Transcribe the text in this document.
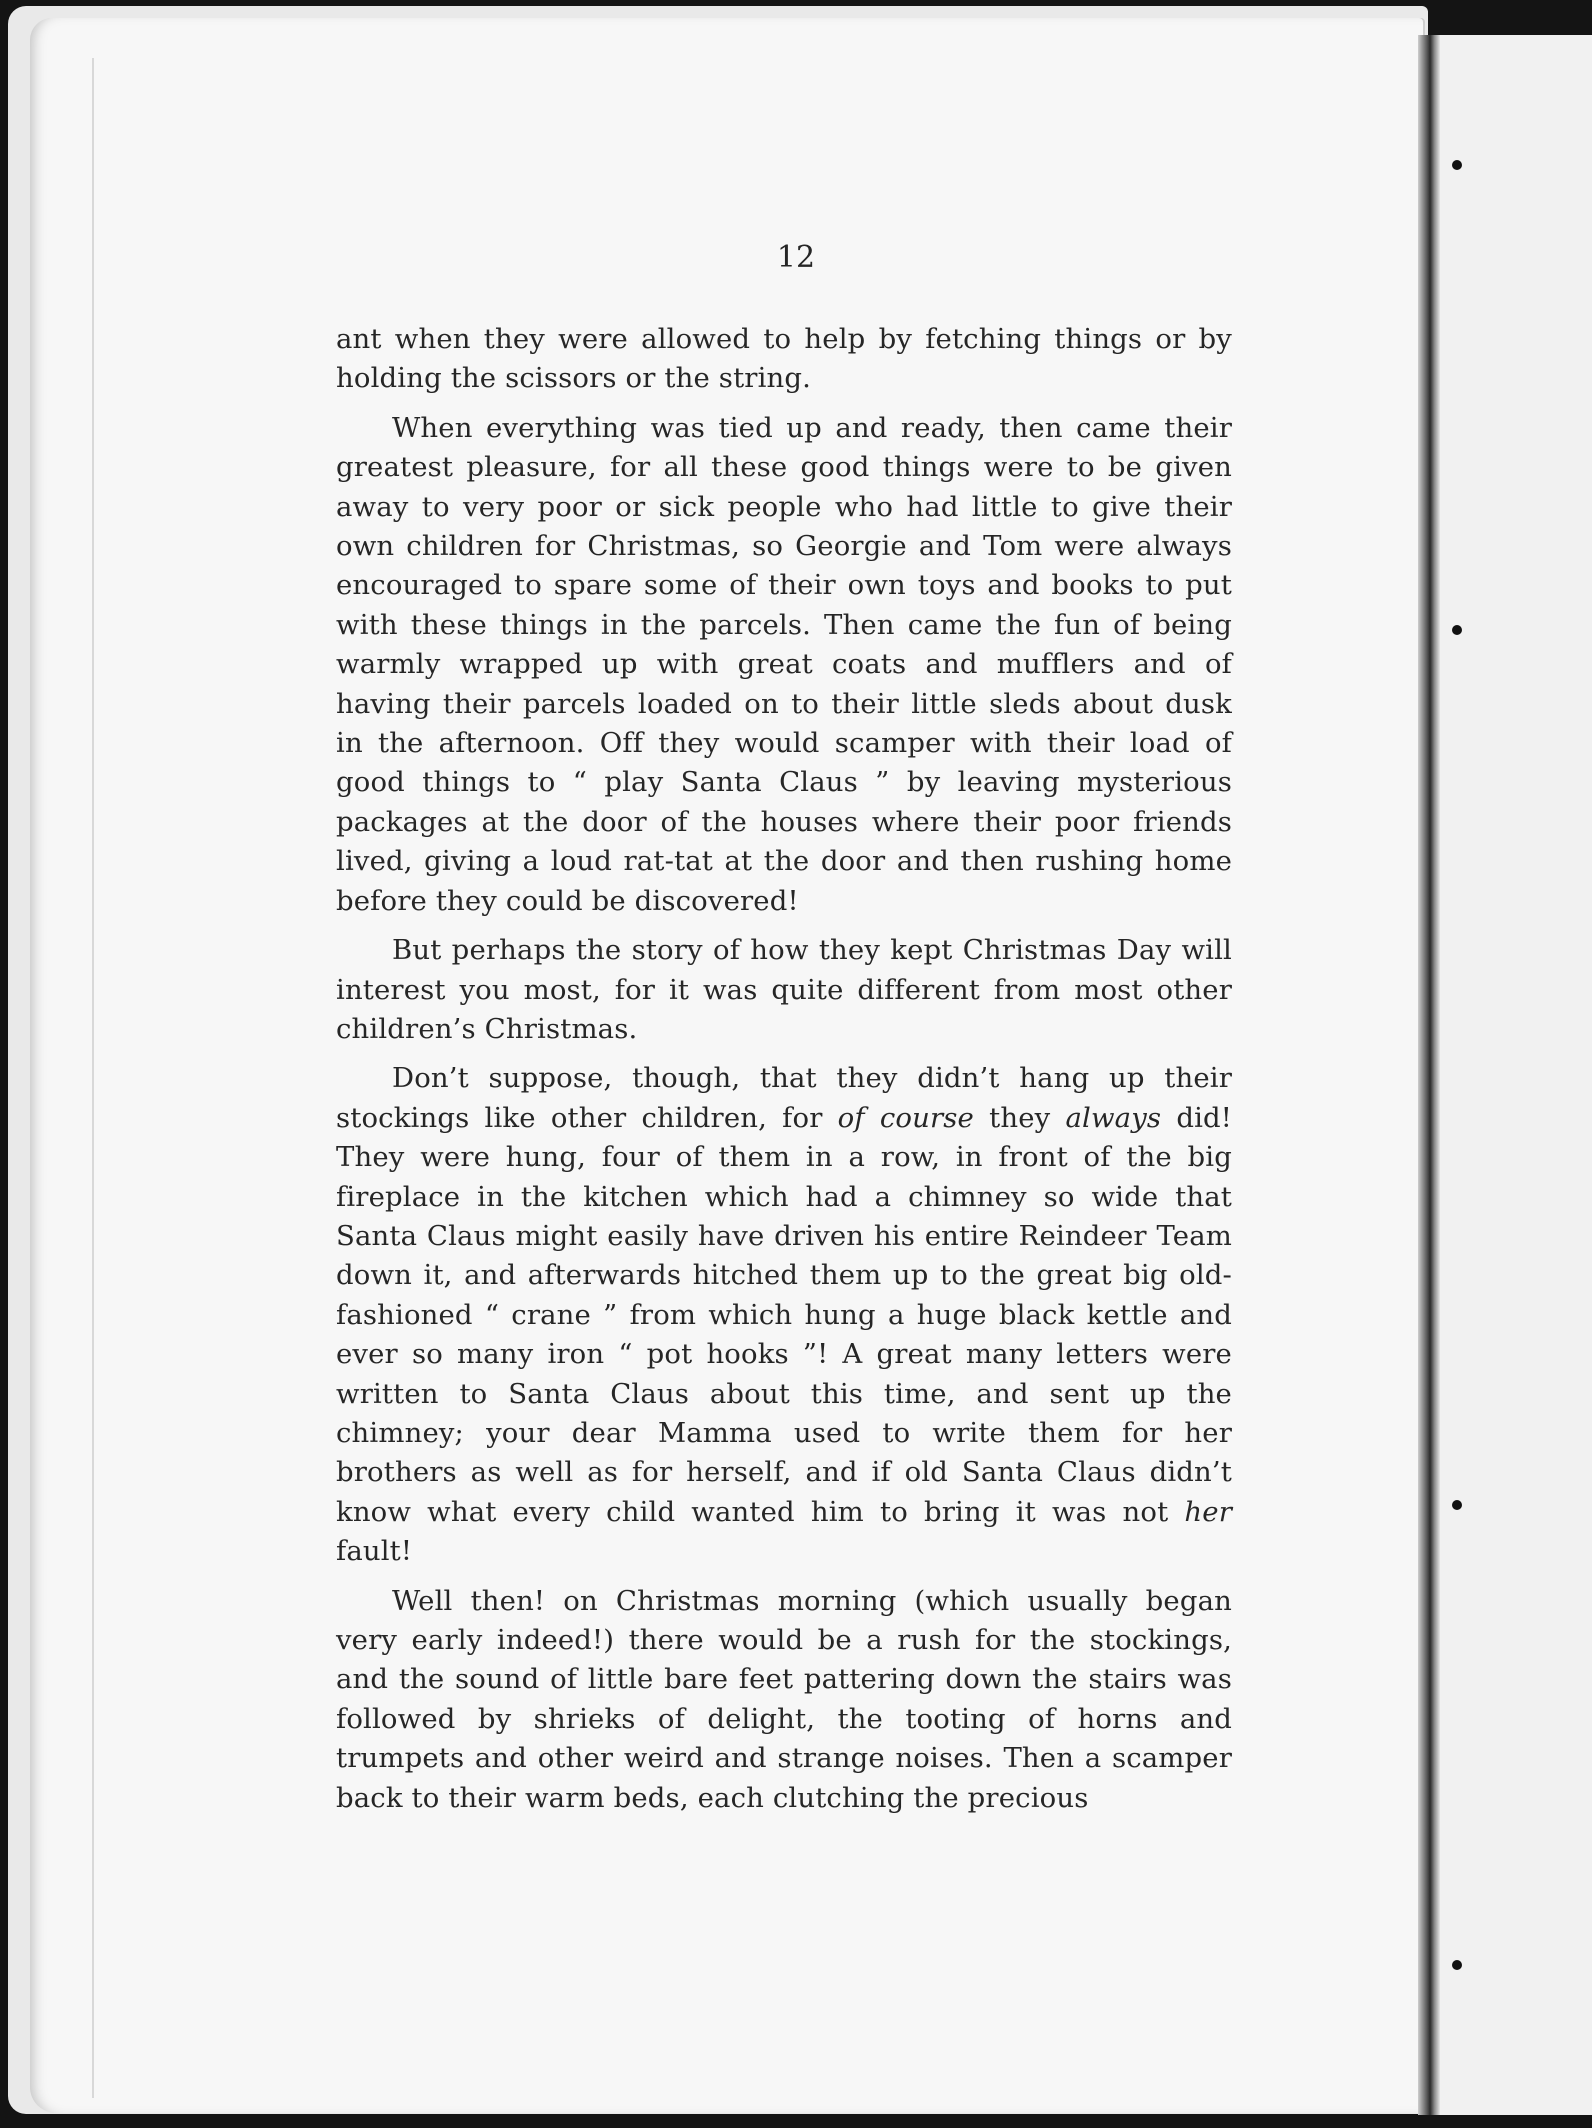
12

ant when they were allowed to help by fetching things or by holding the scissors or the string.

When everything was tied up and ready, then came their greatest pleasure, for all these good things were to be given away to very poor or sick people who had little to give their own children for Christmas, so Georgie and Tom were always encouraged to spare some of their own toys and books to put with these things in the parcels. Then came the fun of being warmly wrapped up with great coats and mufflers and of having their parcels loaded on to their little sleds about dusk in the afternoon. Off they would scamper with their load of good things to “ play Santa Claus ” by leaving mysterious packages at the door of the houses where their poor friends lived, giving a loud rat-tat at the door and then rushing home before they could be discovered!

But perhaps the story of how they kept Christmas Day will interest you most, for it was quite different from most other children’s Christmas.

Don’t suppose, though, that they didn’t hang up their stockings like other children, for of course they always did! They were hung, four of them in a row, in front of the big fireplace in the kitchen which had a chimney so wide that Santa Claus might easily have driven his entire Reindeer Team down it, and afterwards hitched them up to the great big old-fashioned “ crane ” from which hung a huge black kettle and ever so many iron “ pot hooks ”! A great many letters were written to Santa Claus about this time, and sent up the chimney; your dear Mamma used to write them for her brothers as well as for herself, and if old Santa Claus didn’t know what every child wanted him to bring it was not her fault!

Well then! on Christmas morning (which usually began very early indeed!) there would be a rush for the stockings, and the sound of little bare feet pattering down the stairs was followed by shrieks of delight, the tooting of horns and trumpets and other weird and strange noises. Then a scamper back to their warm beds, each clutching the precious
